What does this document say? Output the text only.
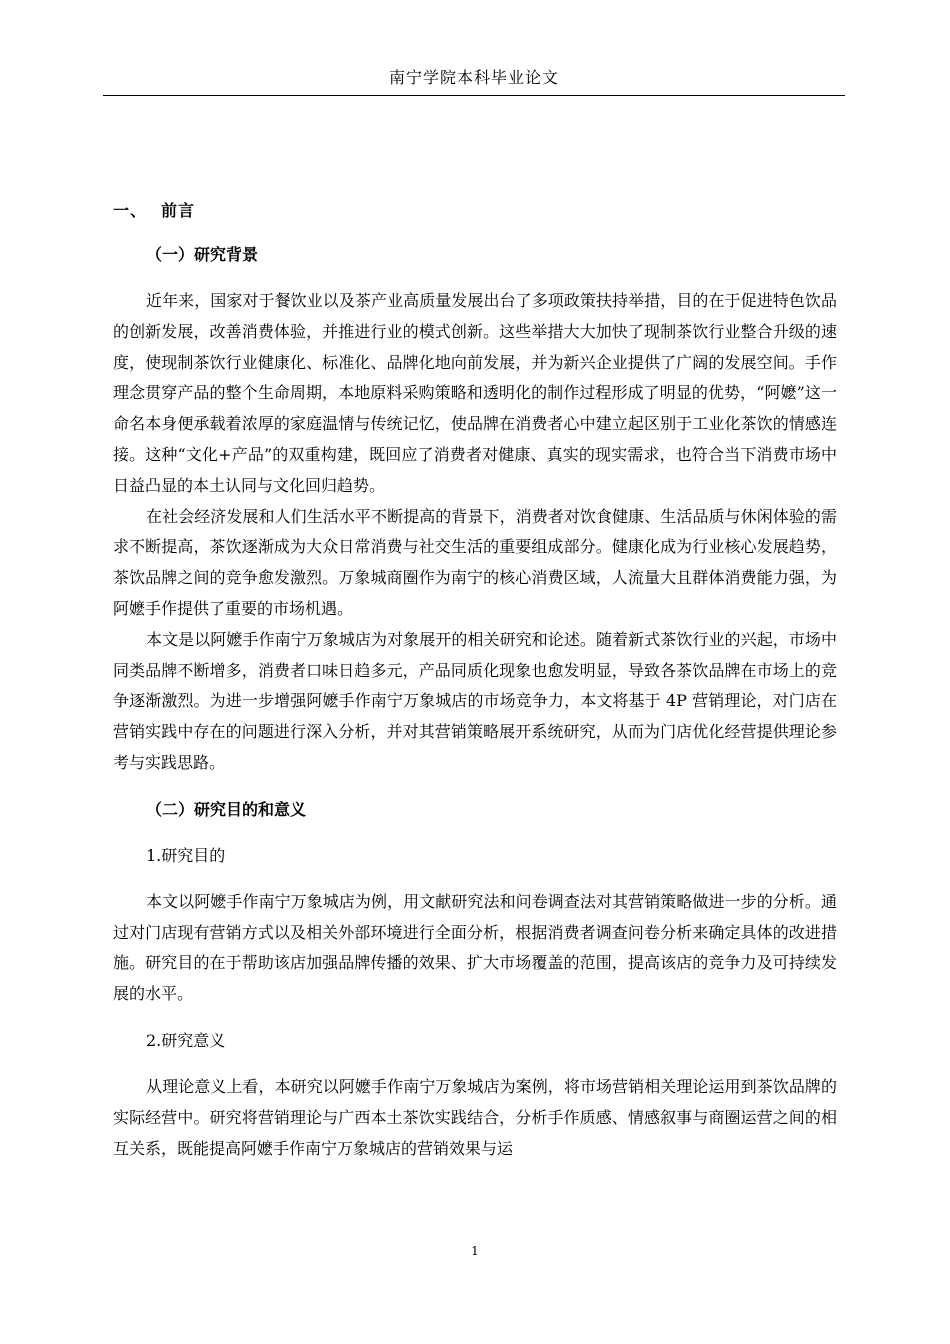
南宁学院本科毕业论文
一、 前言
（一）研究背景

近年来，国家对于餐饮业以及茶产业高质量发展出台了多项政策扶持举措，目的在于促进特色饮品的创新发展，改善消费体验，并推进行业的模式创新。这些举措大大加快了现制茶饮行业整合升级的速度，使现制茶饮行业健康化、标准化、品牌化地向前发展，并为新兴企业提供了广阔的发展空间。手作理念贯穿产品的整个生命周期，本地原料采购策略和透明化的制作过程形成了明显的优势，“阿嬷”这一命名本身便承载着浓厚的家庭温情与传统记忆，使品牌在消费者心中建立起区别于工业化茶饮的情感连接。这种“文化+产品”的双重构建，既回应了消费者对健康、真实的现实需求，也符合当下消费市场中日益凸显的本土认同与文化回归趋势。

在社会经济发展和人们生活水平不断提高的背景下，消费者对饮食健康、生活品质与休闲体验的需求不断提高，茶饮逐渐成为大众日常消费与社交生活的重要组成部分。健康化成为行业核心发展趋势，茶饮品牌之间的竞争愈发激烈。万象城商圈作为南宁的核心消费区域，人流量大且群体消费能力强，为阿嬷手作提供了重要的市场机遇。

本文是以阿嬷手作南宁万象城店为对象展开的相关研究和论述。随着新式茶饮行业的兴起，市场中同类品牌不断增多，消费者口味日趋多元，产品同质化现象也愈发明显，导致各茶饮品牌在市场上的竞争逐渐激烈。为进一步增强阿嬷手作南宁万象城店的市场竞争力，本文将基于 4P 营销理论，对门店在营销实践中存在的问题进行深入分析，并对其营销策略展开系统研究，从而为门店优化经营提供理论参考与实践思路。

（二）研究目的和意义
1.研究目的

本文以阿嬷手作南宁万象城店为例，用文献研究法和问卷调查法对其营销策略做进一步的分析。通过对门店现有营销方式以及相关外部环境进行全面分析，根据消费者调查问卷分析来确定具体的改进措施。研究目的在于帮助该店加强品牌传播的效果、扩大市场覆盖的范围，提高该店的竞争力及可持续发展的水平。

2.研究意义

从理论意义上看，本研究以阿嬷手作南宁万象城店为案例，将市场营销相关理论运用到茶饮品牌的实际经营中。研究将营销理论与广西本土茶饮实践结合，分析手作质感、情感叙事与商圈运营之间的相互关系，既能提高阿嬷手作南宁万象城店的营销效果与运

1
